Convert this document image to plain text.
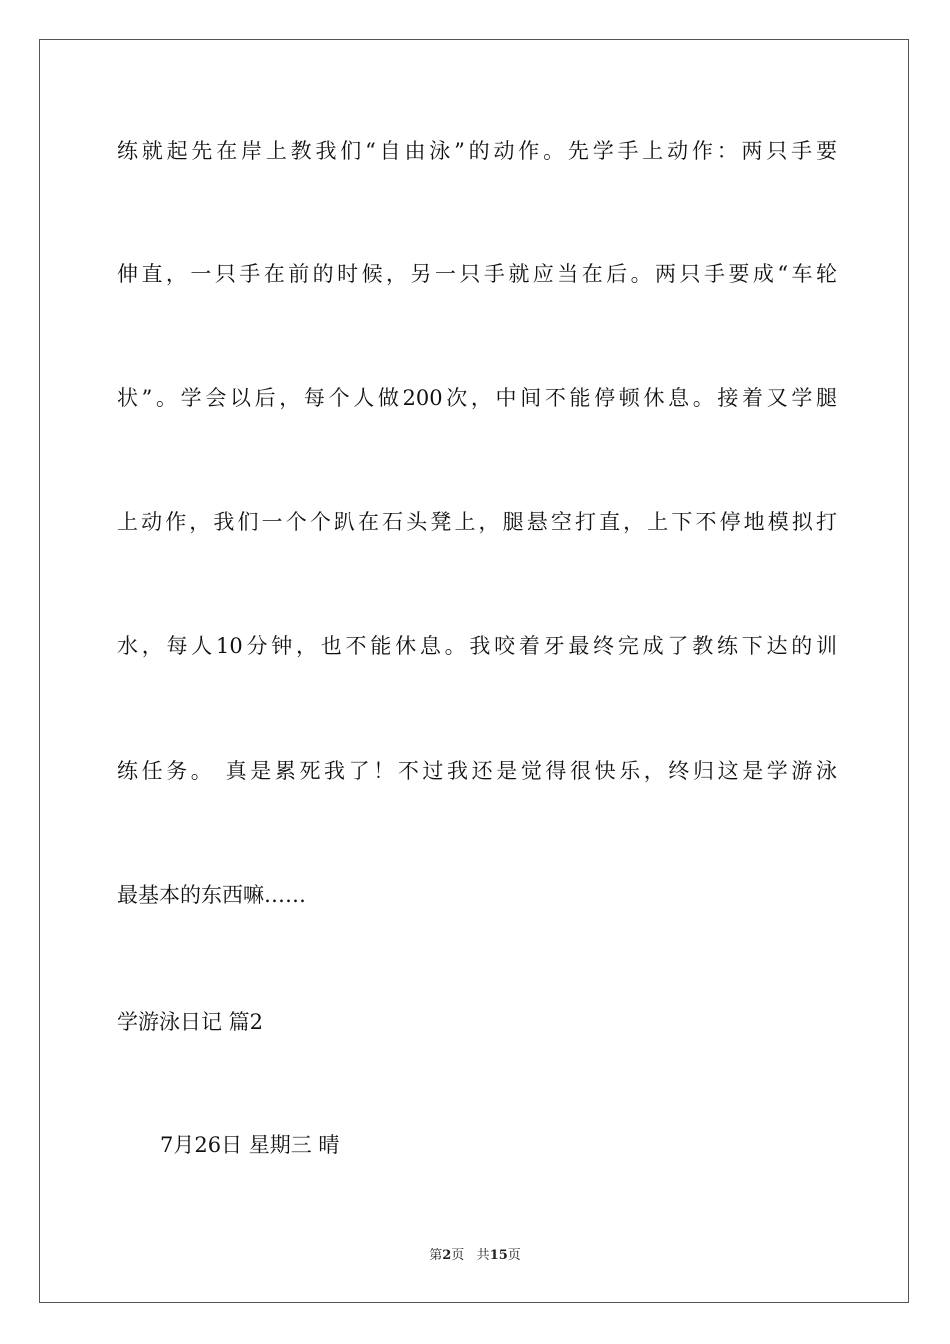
练就起先在岸上教我们“自由泳”的动作。先学手上动作：两只手要
伸直，一只手在前的时候，另一只手就应当在后。两只手要成“车轮
状”。学会以后，每个人做200次，中间不能停顿休息。接着又学腿
上动作，我们一个个趴在石头凳上，腿悬空打直，上下不停地模拟打
水，每人10分钟，也不能休息。我咬着牙最终完成了教练下达的训
练任务。 真是累死我了！不过我还是觉得很快乐，终归这是学游泳
最基本的东西嘛……
学游泳日记 篇2
7月26日 星期三 晴
第2页 共15页
